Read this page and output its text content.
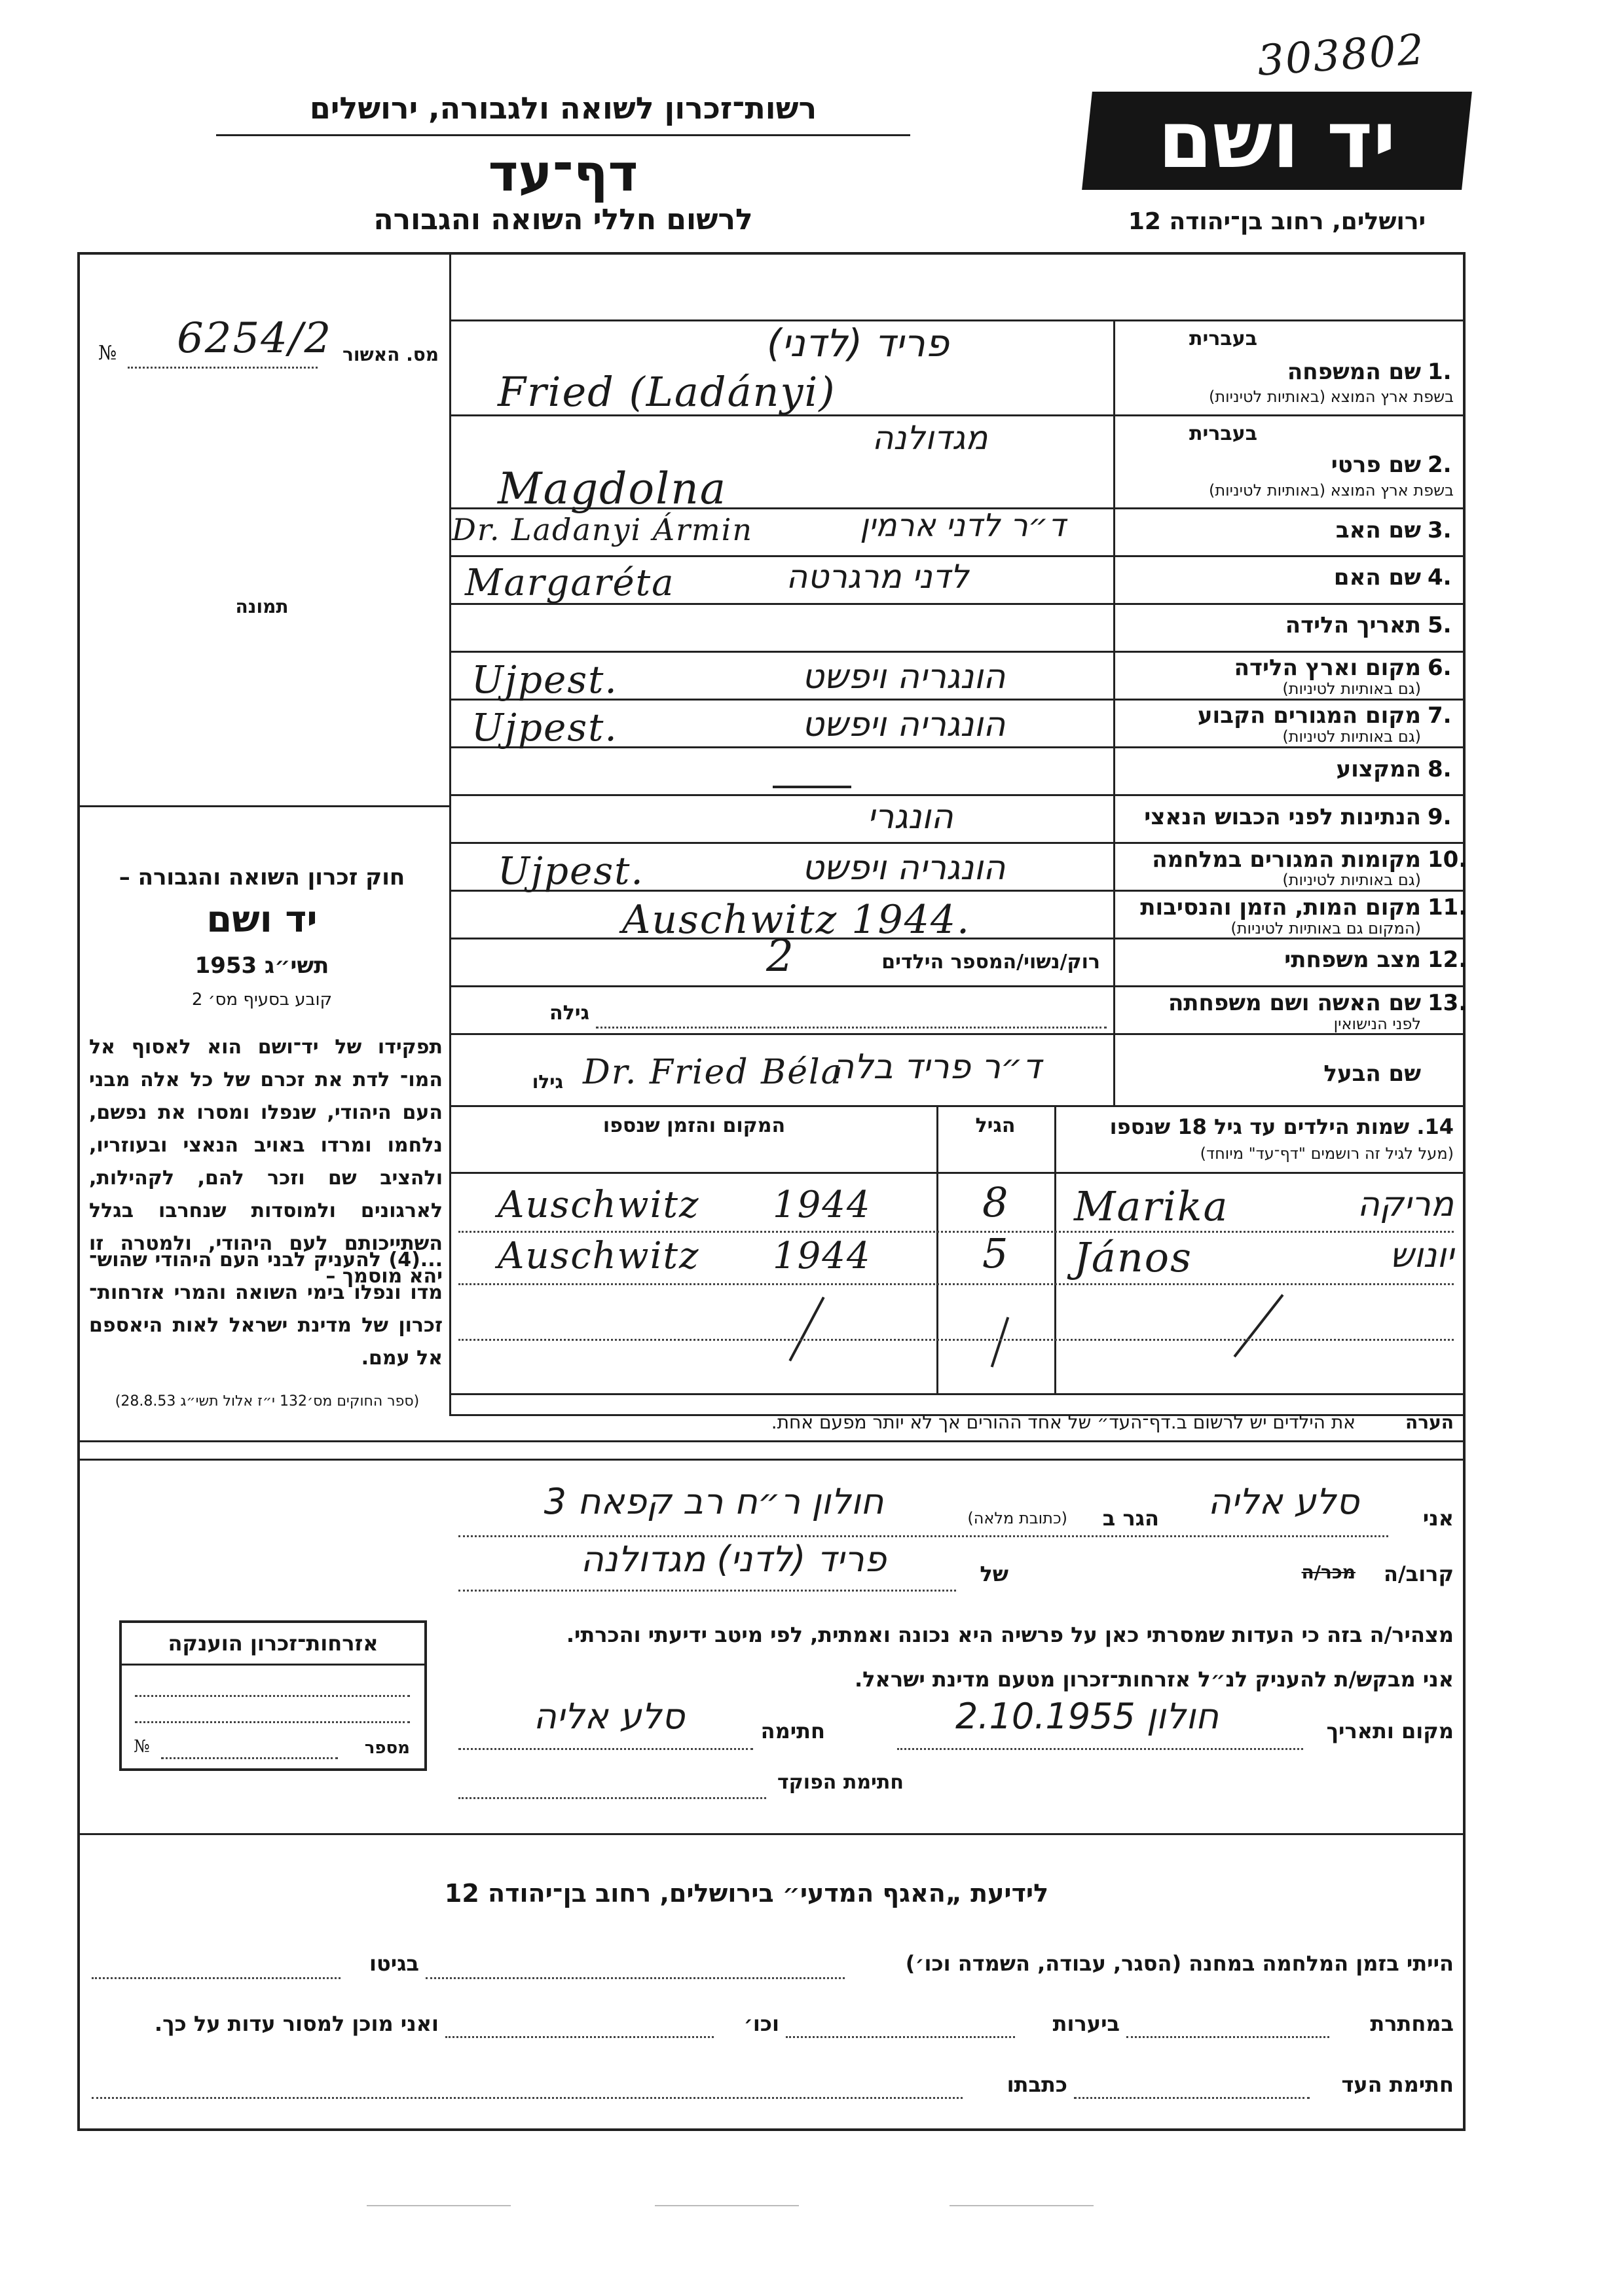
303802
רשות־זכרון לשואה ולגבורה, ירושלים
דף־עד
לרשום חללי השואה והגבורה
יד ושם
ירושלים, רחוב בן־יהודה 12
מס. האשור
№ 6254/2
תמונה
חוק זכרון השואה והגבורה –
יד ושם
תשי״ג 1953
קובע בסעיף מס׳ 2
תפקידו של יד־ושם הוא לאסוף אל המו־ לדת את זכרם של כל אלה מבני העם היהודי, שנפלו ומסרו את נפשם, נלחמו ומרדו באויב הנאצי ובעוזריו, ולהציב שם וזכר להם, לקהילות, לארגונים ולמוסדות שנחרבו בגלל השתייכותם לעם היהודי, ולמטרה זו יהא מוסמך –
...(4) להעניק לבני העם היהודי שהוש־ מדו ונפלו בימי השואה והמרי אזרחות־ זכרון של מדינת ישראל לאות היאספם אל עמם.
(ספר החוקים מס׳132 י״ז אלול תשי״ג 28.8.53)
בעברית
שם המשפחה 1.
בשפת ארץ המוצא (באותיות לטיניות)
פריד (לדני)
Fried (Ladányi)
בעברית
שם פרטי 2.
בשפת ארץ המוצא (באותיות לטיניות)
מגדולנה
Magdolna
שם האב 3.
ד״ר לדני ארמין
Dr. Ladanyi Ármin
שם האם 4.
לדני מרגרטה
Margaréta
תאריך הלידה 5.
מקום וארץ הלידה 6.
(גם באותיות לטיניות)
הונגריה ויפשט
Ujpest.
מקום המגורים הקבוע 7.
(גם באותיות לטיניות)
הונגריה ויפשט
Ujpest.
המקצוע 8.
הנתינות לפני הכבוש הנאצי 9.
הונגרי
מקומות המגורים במלחמה 10.
(גם באותיות לטיניות)
הונגריה ויפשט
Ujpest.
מקום המות, הזמן והנסיבות 11.
(המקום גם באותיות לטיניות)
Auschwitz 1944.
מצב משפחתי 12.
רוק/נשוי/המספר הילדים
2
שם האשה ושם משפחתה 13.
לפני הנישואין
גילה
שם הבעל
ד״ר פריד בלה
Dr. Fried Béla
גילו
14. שמות הילדים עד גיל 18 שנספו
(מעל לגיל זה רושמים "דף־עד" מיוחד)
הגיל
המקום והזמן שנספו
מריקה
Marika
8
Auschwitz 1944
יונוש
János
5
Auschwitz 1944
הערה
את הילדים יש לרשום ב.דף־העד״ של אחד ההורים אך לא יותר מפעם אחת.
אני
סלע אליה
הגר ב
(כתובת מלאה)
חולון ר״ח רב קפאח 3
קרוב/ה
מכר/ה
של
פריד (לדני) מגדולנה
מצהיר/ה בזה כי העדות שמסרתי כאן על פרשיה היא נכונה ואמתית, לפי מיטב ידיעתי והכרתי.
אני מבקש/ת להעניק לנ״ל אזרחות־זכרון מטעם מדינת ישראל.
מקום ותאריך
חולון 2.10.1955
חתימה
סלע אליה
חתימת הפוקד
אזרחות־זכרון הוענקה
מספר
№
לידיעת „האגף המדעי״ בירושלים, רחוב בן־יהודה 12
הייתי בזמן המלחמה במחנה (הסגר, עבודה, השמדה וכו׳)
בגיטו
במחתרת
ביערות
וכו׳
ואני מוכן למסור עדות על כך.
חתימת העד
כתבתו
